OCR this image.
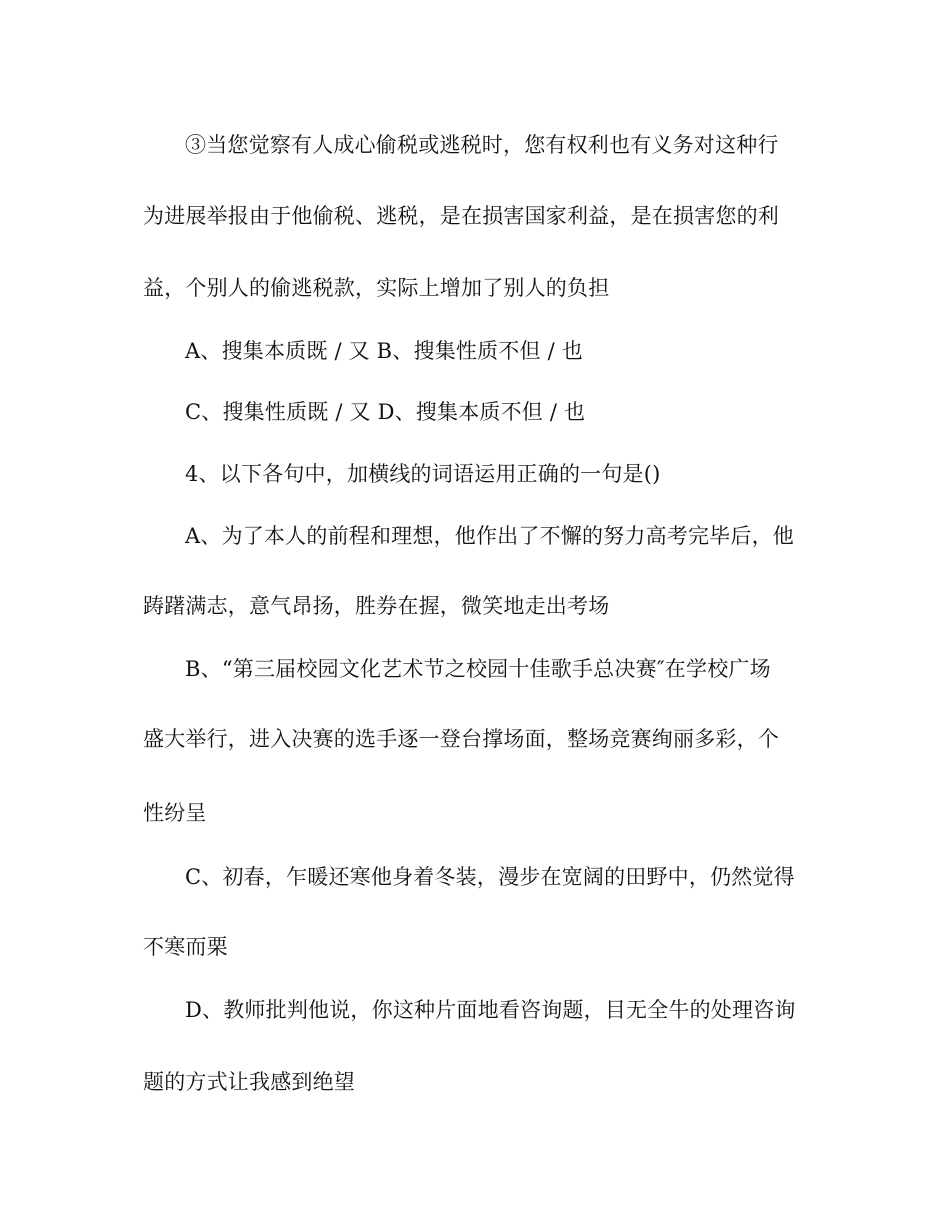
③当您觉察有人成心偷税或逃税时，您有权利也有义务对这种行
为进展举报由于他偷税、逃税，是在损害国家利益，是在损害您的利
益，个别人的偷逃税款，实际上增加了别人的负担
A、搜集本质既 / 又 B、搜集性质不但 / 也
C、搜集性质既 / 又 D、搜集本质不但 / 也
4、以下各句中，加横线的词语运用正确的一句是()
A、为了本人的前程和理想，他作出了不懈的努力高考完毕后，他
踌躇满志，意气昂扬，胜券在握，微笑地走出考场
B、“第三届校园文化艺术节之校园十佳歌手总决赛″在学校广场
盛大举行，进入决赛的选手逐一登台撑场面，整场竞赛绚丽多彩，个
性纷呈
C、初春，乍暖还寒他身着冬装，漫步在宽阔的田野中，仍然觉得
不寒而栗
D、教师批判他说，你这种片面地看咨询题，目无全牛的处理咨询
题的方式让我感到绝望
